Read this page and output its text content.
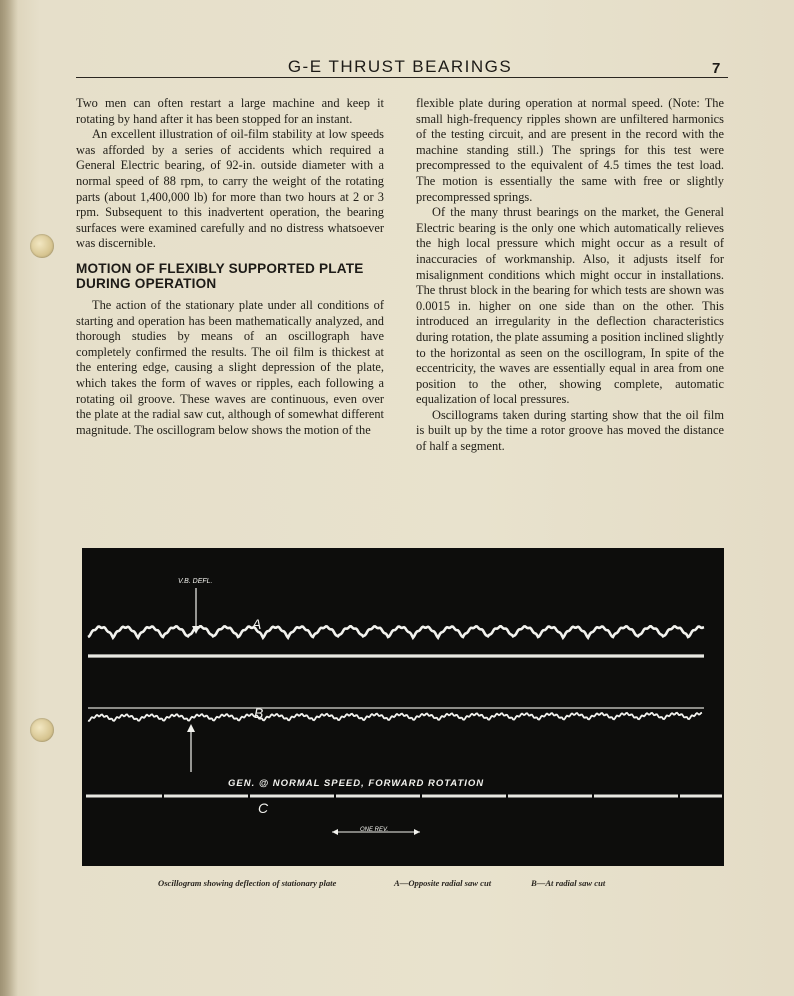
G-E THRUST BEARINGS	7

Two men can often restart a large machine and keep it rotating by hand after it has been stopped for an instant.

An excellent illustration of oil-film stability at low speeds was afforded by a series of accidents which required a General Electric bearing, of 92-in. outside diameter with a normal speed of 88 rpm, to carry the weight of the rotating parts (about 1,400,000 lb) for more than two hours at 2 or 3 rpm. Subsequent to this inadvertent operation, the bearing surfaces were examined carefully and no distress whatsoever was discernible.

MOTION OF FLEXIBLY SUPPORTED PLATE DURING OPERATION

The action of the stationary plate under all conditions of starting and operation has been mathematically analyzed, and thorough studies by means of an oscillograph have completely confirmed the results. The oil film is thickest at the entering edge, causing a slight depression of the plate, which takes the form of waves or ripples, each following a rotating oil groove. These waves are continuous, even over the plate at the radial saw cut, although of somewhat different magnitude. The oscillogram below shows the motion of the

flexible plate during operation at normal speed. (Note: The small high-frequency ripples shown are unfiltered harmonics of the testing circuit, and are present in the record with the machine standing still.) The springs for this test were precompressed to the equivalent of 4.5 times the test load. The motion is essentially the same with free or slightly precompressed springs.

Of the many thrust bearings on the market, the General Electric bearing is the only one which automatically relieves the high local pressure which might occur as a result of inaccuracies of workmanship. Also, it adjusts itself for misalignment conditions which might occur in installations. The thrust block in the bearing for which tests are shown was 0.0015 in. higher on one side than on the other. This introduced an irregularity in the deflection characteristics during rotation, the plate assuming a position inclined slightly to the horizontal as seen on the oscillogram, In spite of the eccentricity, the waves are essentially equal in area from one position to the other, showing complete, automatic equalization of local pressures.

Oscillograms taken during starting show that the oil film is built up by the time a rotor groove has moved the distance of half a segment.

V.B. DEFL.
A
B
C
GEN. @ NORMAL SPEED, FORWARD ROTATION
ONE REV.
Oscillogram showing deflection of stationary plate	A—Opposite radial saw cut	B—At radial saw cut
